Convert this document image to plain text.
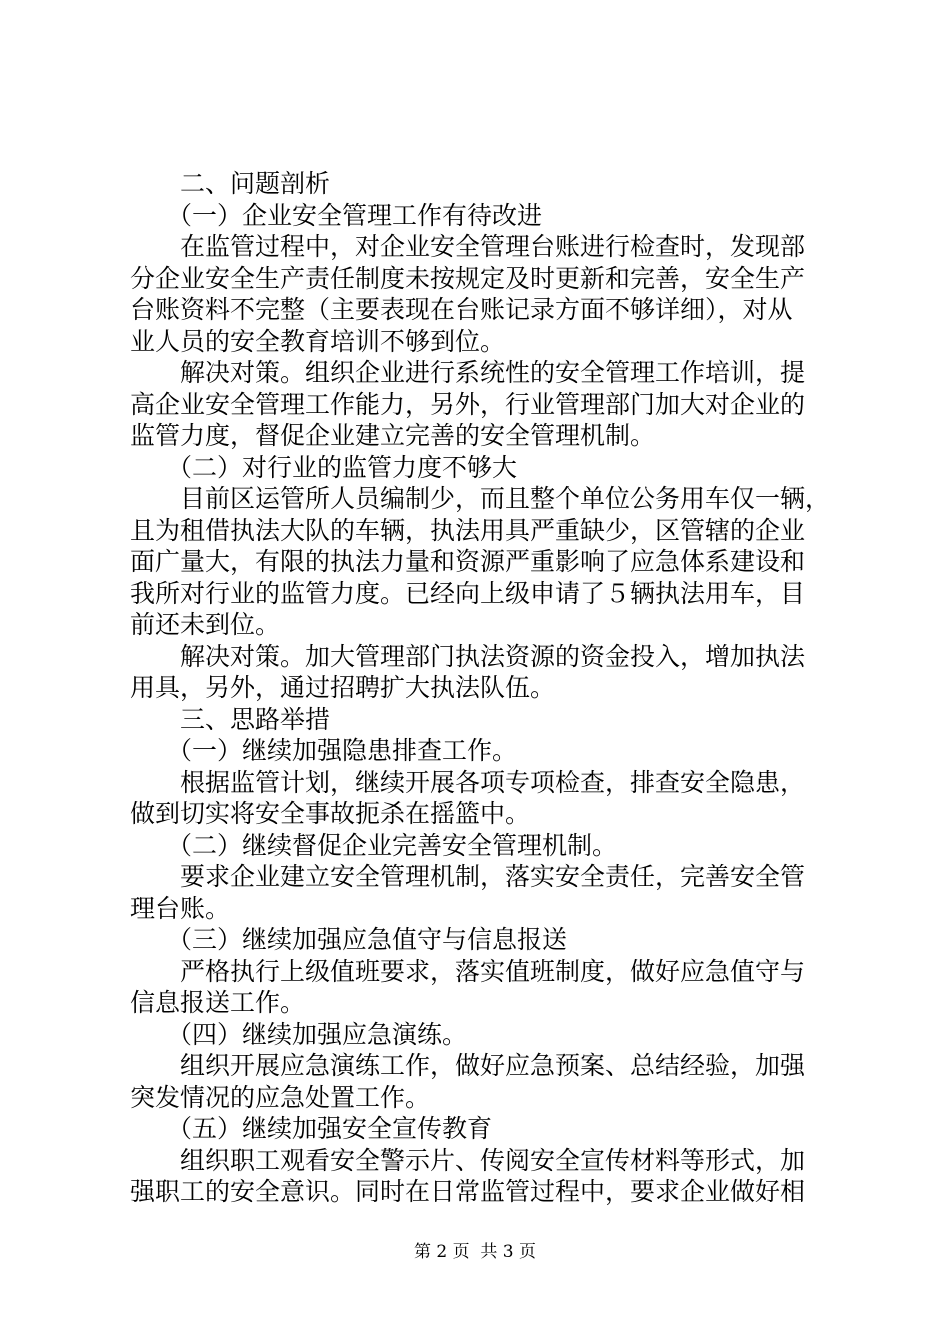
二、问题剖析
（一）企业安全管理工作有待改进
在监管过程中，对企业安全管理台账进行检查时，发现部
分企业安全生产责任制度未按规定及时更新和完善，安全生产
台账资料不完整（主要表现在台账记录方面不够详细），对从
业人员的安全教育培训不够到位。
解决对策。组织企业进行系统性的安全管理工作培训，提
高企业安全管理工作能力，另外，行业管理部门加大对企业的
监管力度，督促企业建立完善的安全管理机制。
（二）对行业的监管力度不够大
目前区运管所人员编制少，而且整个单位公务用车仅一辆，
且为租借执法大队的车辆，执法用具严重缺少，区管辖的企业
面广量大，有限的执法力量和资源严重影响了应急体系建设和
我所对行业的监管力度。已经向上级申请了５辆执法用车，目
前还未到位。
解决对策。加大管理部门执法资源的资金投入，增加执法
用具，另外，通过招聘扩大执法队伍。
三、思路举措
（一）继续加强隐患排查工作。
根据监管计划，继续开展各项专项检查，排查安全隐患，
做到切实将安全事故扼杀在摇篮中。
（二）继续督促企业完善安全管理机制。
要求企业建立安全管理机制，落实安全责任，完善安全管
理台账。
（三）继续加强应急值守与信息报送
严格执行上级值班要求，落实值班制度，做好应急值守与
信息报送工作。
（四）继续加强应急演练。
组织开展应急演练工作，做好应急预案、总结经验，加强
突发情况的应急处置工作。
（五）继续加强安全宣传教育
组织职工观看安全警示片、传阅安全宣传材料等形式，加
强职工的安全意识。同时在日常监管过程中，要求企业做好相
第 2 页  共 3 页
